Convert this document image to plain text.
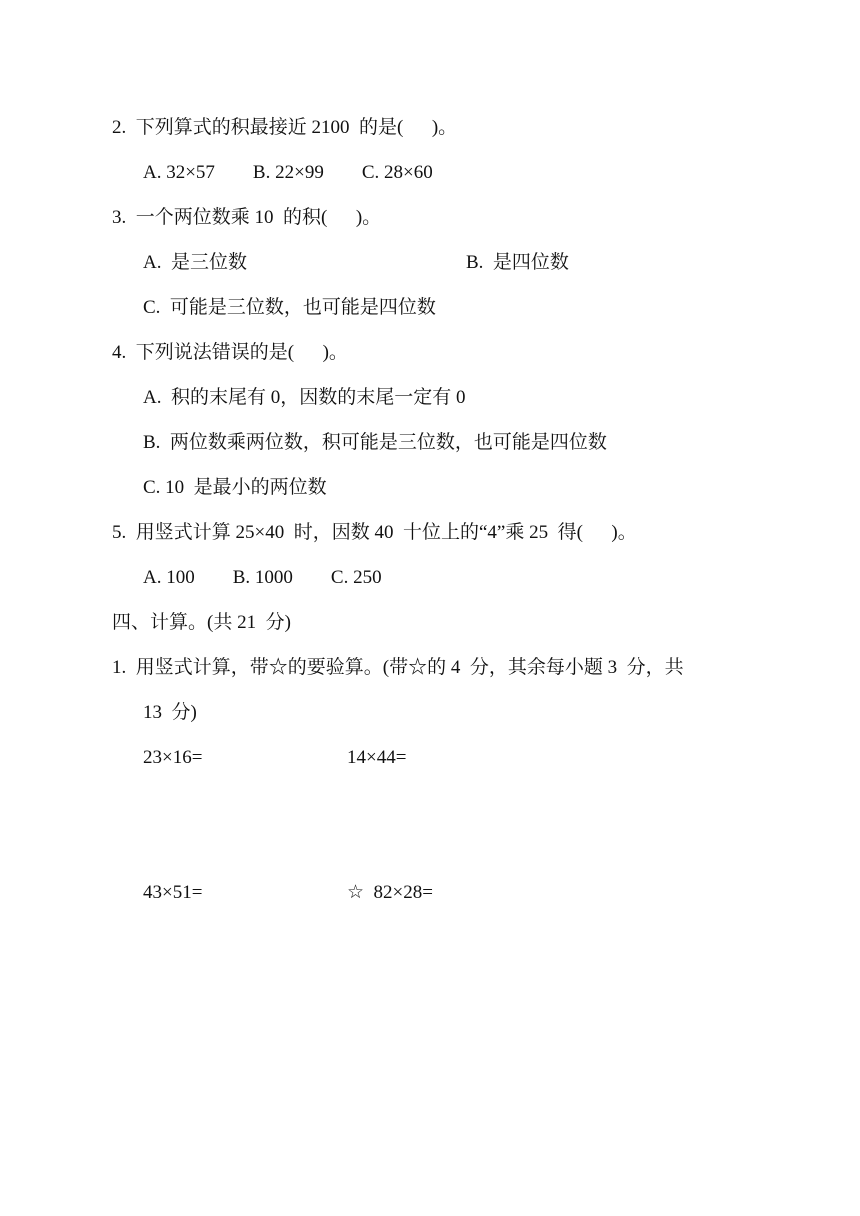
2.  下列算式的积最接近 2100  的是(      )。
A. 32×57        B. 22×99        C. 28×60
3.  一个两位数乘 10  的积(      )。
A.  是三位数	B.  是四位数
C.  可能是三位数，也可能是四位数
4.  下列说法错误的是(      )。
A.  积的末尾有 0，因数的末尾一定有 0
B.  两位数乘两位数，积可能是三位数，也可能是四位数
C. 10  是最小的两位数
5.  用竖式计算 25×40  时，因数 40  十位上的“4”乘 25  得(      )。
A. 100        B. 1000        C. 250
四、计算。(共 21  分)
1.  用竖式计算，带☆的要验算。(带☆的 4  分，其余每小题 3  分，共
13  分)
23×16=	14×44=
43×51=	☆  82×28=
